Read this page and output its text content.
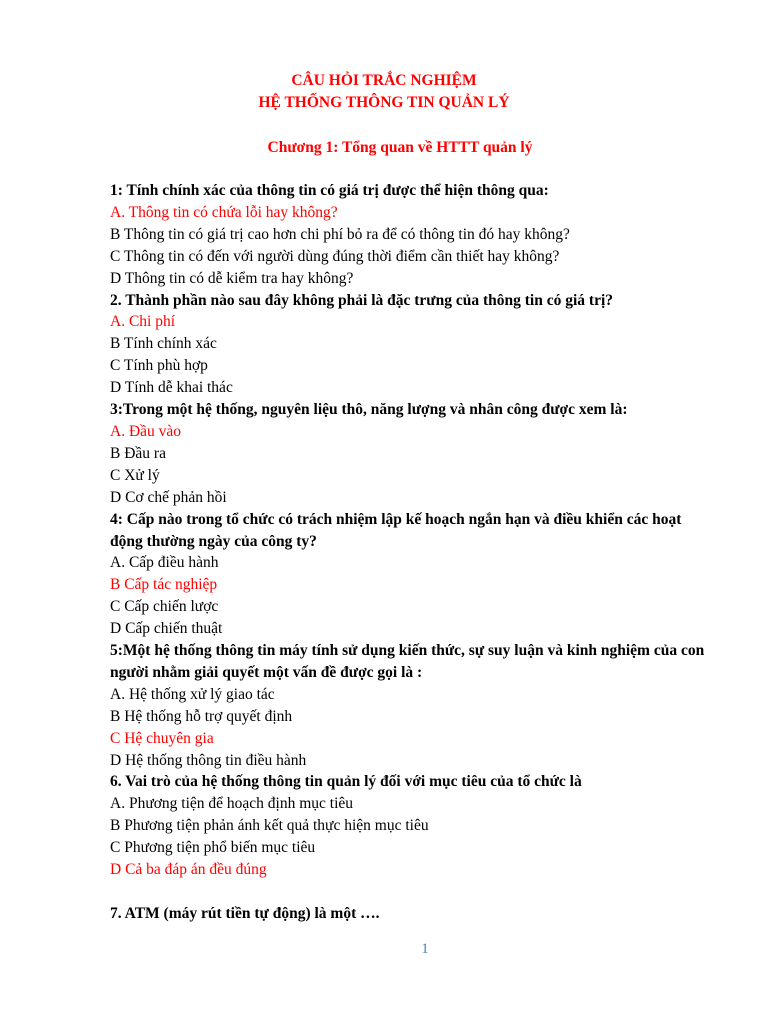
CÂU HỎI TRẮC NGHIỆM
HỆ THỐNG THÔNG TIN QUẢN LÝ
Chương 1: Tổng quan về HTTT quản lý

1: Tính chính xác của thông tin có giá trị được thể hiện thông qua:

A. Thông tin có chứa lỗi hay không?

B Thông tin có giá trị cao hơn chi phí bỏ ra để có thông tin đó hay không?

C Thông tin có đến với người dùng đúng thời điểm cần thiết hay không?

D Thông tin có dễ kiểm tra hay không?

2. Thành phần nào sau đây không phải là đặc trưng của thông tin có giá trị?

A. Chi phí

B Tính chính xác

C Tính phù hợp

D Tính dễ khai thác

3:Trong một hệ thống, nguyên liệu thô, năng lượng và nhân công được xem là:

A. Đầu vào

B Đầu ra

C Xử lý

D Cơ chế phản hồi

4: Cấp nào trong tổ chức có trách nhiệm lập kế hoạch ngắn hạn và điều khiển các hoạt động thường ngày của công ty?

A. Cấp điều hành

B Cấp tác nghiệp

C Cấp chiến lược

D Cấp chiến thuật

5:Một hệ thống thông tin máy tính sử dụng kiến thức, sự suy luận và kinh nghiệm của con người nhằm giải quyết một vấn đề được gọi là :

A. Hệ thống xử lý giao tác

B Hệ thống hỗ trợ quyết định

C Hệ chuyên gia

D Hệ thống thông tin điều hành

6. Vai trò của hệ thống thông tin quản lý đối với mục tiêu của tổ chức là

A. Phương tiện để hoạch định mục tiêu

B Phương tiện phản ánh kết quả thực hiện mục tiêu

C Phương tiện phổ biến mục tiêu

D Cả ba đáp án đều đúng

7. ATM (máy rút tiền tự động) là một ….

1
